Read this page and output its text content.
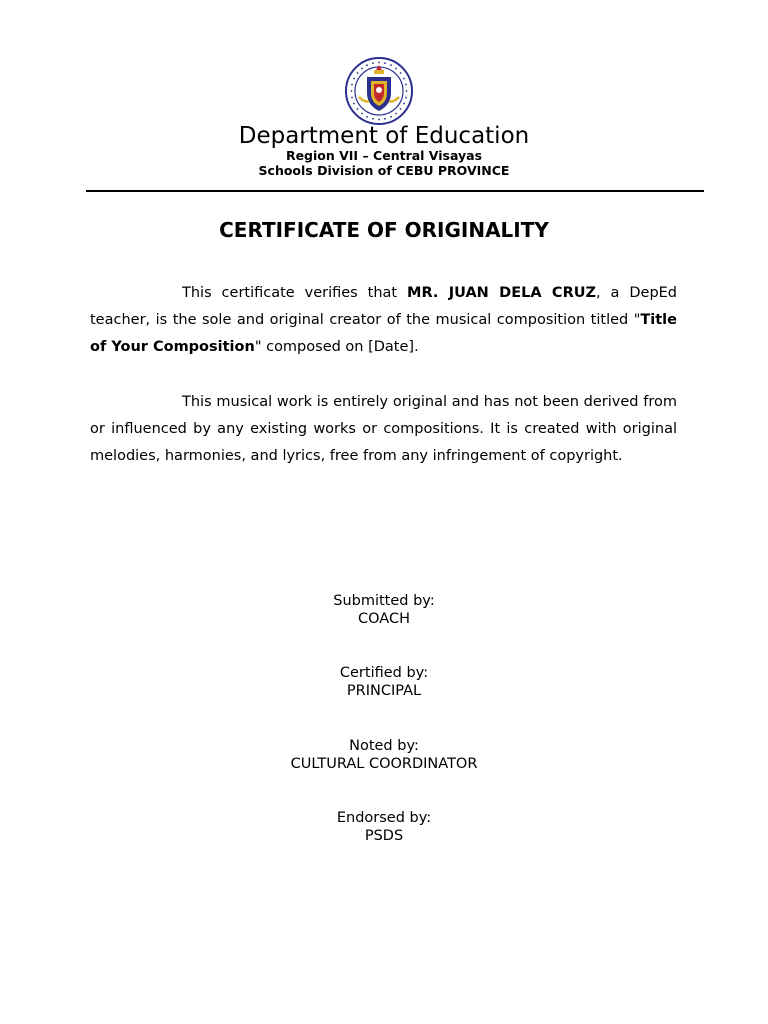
Department of Education
Region VII – Central Visayas
Schools Division of CEBU PROVINCE
CERTIFICATE OF ORIGINALITY

This certificate verifies that MR. JUAN DELA CRUZ, a DepEd teacher, is the sole and original creator of the musical composition titled "Title of Your Composition" composed on [Date].

This musical work is entirely original and has not been derived from or influenced by any existing works or compositions. It is created with original melodies, harmonies, and lyrics, free from any infringement of copyright.

Submitted by:
COACH
Certified by:
PRINCIPAL
Noted by:
CULTURAL COORDINATOR
Endorsed by:
PSDS
